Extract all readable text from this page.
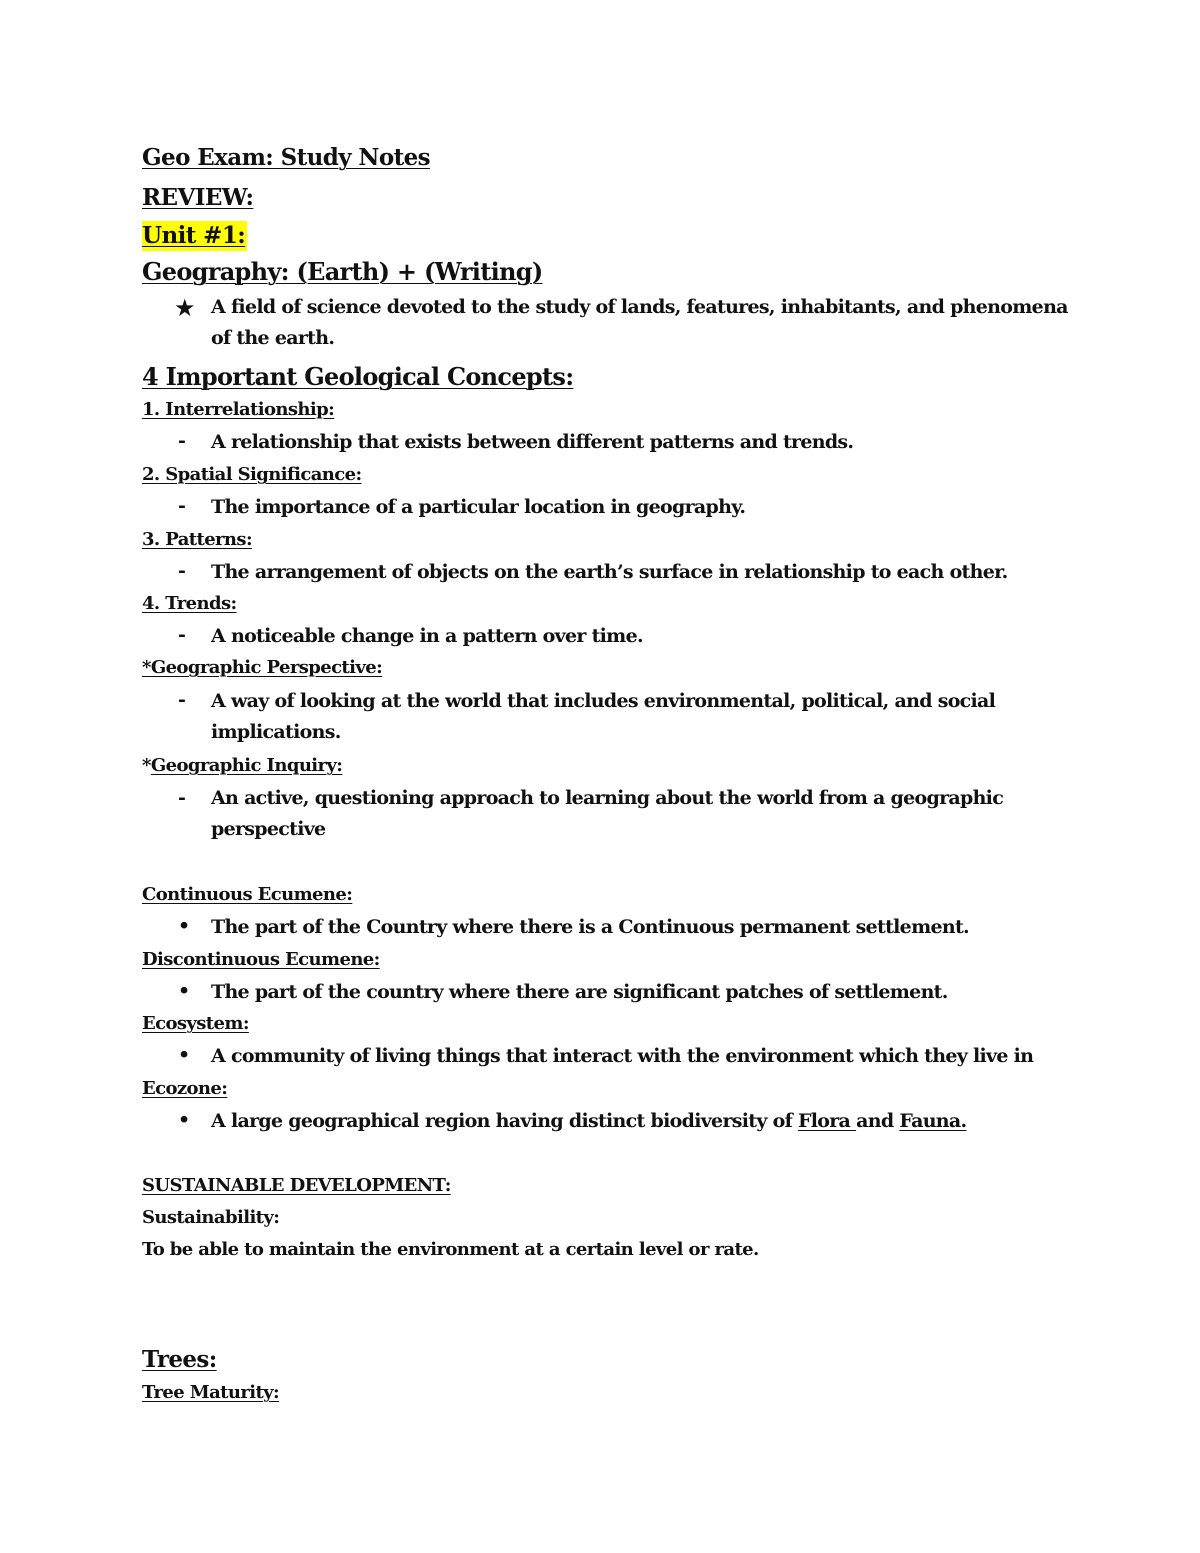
Geo Exam: Study Notes
REVIEW:
Unit #1:
Geography: (Earth) + (Writing)
★ A field of science devoted to the study of lands, features, inhabitants, and phenomena
of the earth.
4 Important Geological Concepts:
1. Interrelationship:
- A relationship that exists between different patterns and trends.
2. Spatial Significance:
- The importance of a particular location in geography.
3. Patterns:
- The arrangement of objects on the earth’s surface in relationship to each other.
4. Trends:
- A noticeable change in a pattern over time.
*Geographic Perspective:
- A way of looking at the world that includes environmental, political, and social
implications.
*Geographic Inquiry:
- An active, questioning approach to learning about the world from a geographic
perspective
Continuous Ecumene:
• The part of the Country where there is a Continuous permanent settlement.
Discontinuous Ecumene:
• The part of the country where there are significant patches of settlement.
Ecosystem:
• A community of living things that interact with the environment which they live in
Ecozone:
• A large geographical region having distinct biodiversity of Flora and Fauna.
SUSTAINABLE DEVELOPMENT:
Sustainability:
To be able to maintain the environment at a certain level or rate.
Trees:
Tree Maturity:
